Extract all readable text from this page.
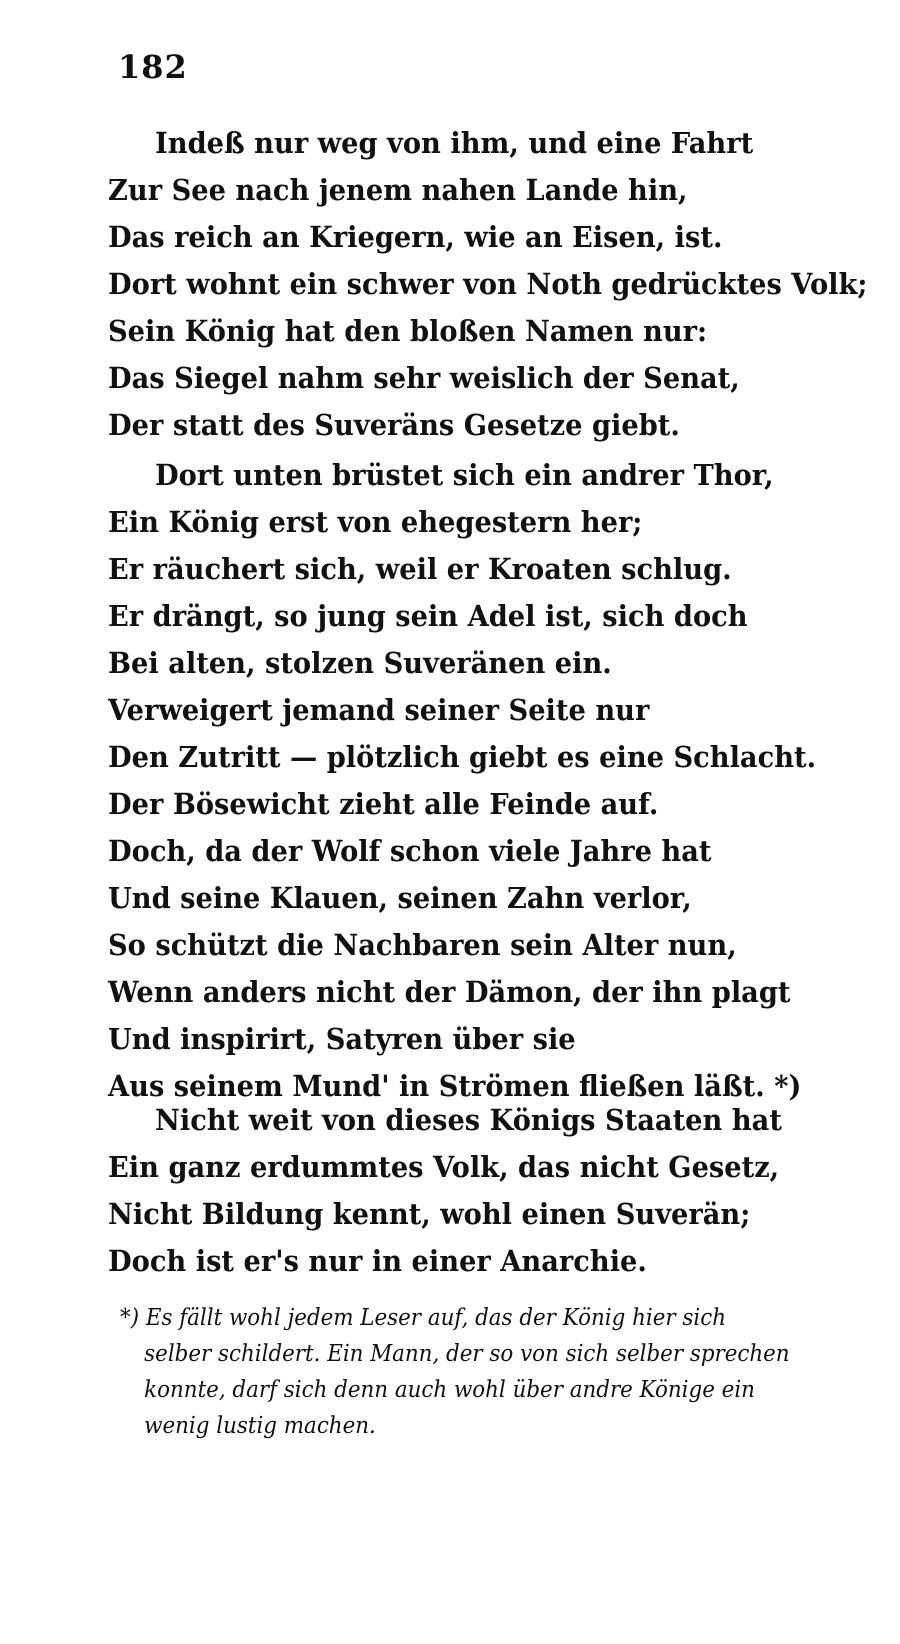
182
Indeß nur weg von ihm, und eine Fahrt
Zur See nach jenem nahen Lande hin,
Das reich an Kriegern, wie an Eisen, ist.
Dort wohnt ein schwer von Noth gedrücktes Volk;
Sein König hat den bloßen Namen nur:
Das Siegel nahm sehr weislich der Senat,
Der statt des Suveräns Gesetze giebt.
Dort unten brüstet sich ein andrer Thor,
Ein König erst von ehegestern her;
Er räuchert sich, weil er Kroaten schlug.
Er drängt, so jung sein Adel ist, sich doch
Bei alten, stolzen Suveränen ein.
Verweigert jemand seiner Seite nur
Den Zutritt — plötzlich giebt es eine Schlacht.
Der Bösewicht zieht alle Feinde auf.
Doch, da der Wolf schon viele Jahre hat
Und seine Klauen, seinen Zahn verlor,
So schützt die Nachbaren sein Alter nun,
Wenn anders nicht der Dämon, der ihn plagt
Und inspirirt, Satyren über sie
Aus seinem Mund' in Strömen fließen läßt. *)
Nicht weit von dieses Königs Staaten hat
Ein ganz erdummtes Volk, das nicht Gesetz,
Nicht Bildung kennt, wohl einen Suverän;
Doch ist er's nur in einer Anarchie.
*) Es fällt wohl jedem Leser auf, das der König hier sich
selber schildert. Ein Mann, der so von sich selber sprechen
konnte, darf sich denn auch wohl über andre Könige ein
wenig lustig machen.
